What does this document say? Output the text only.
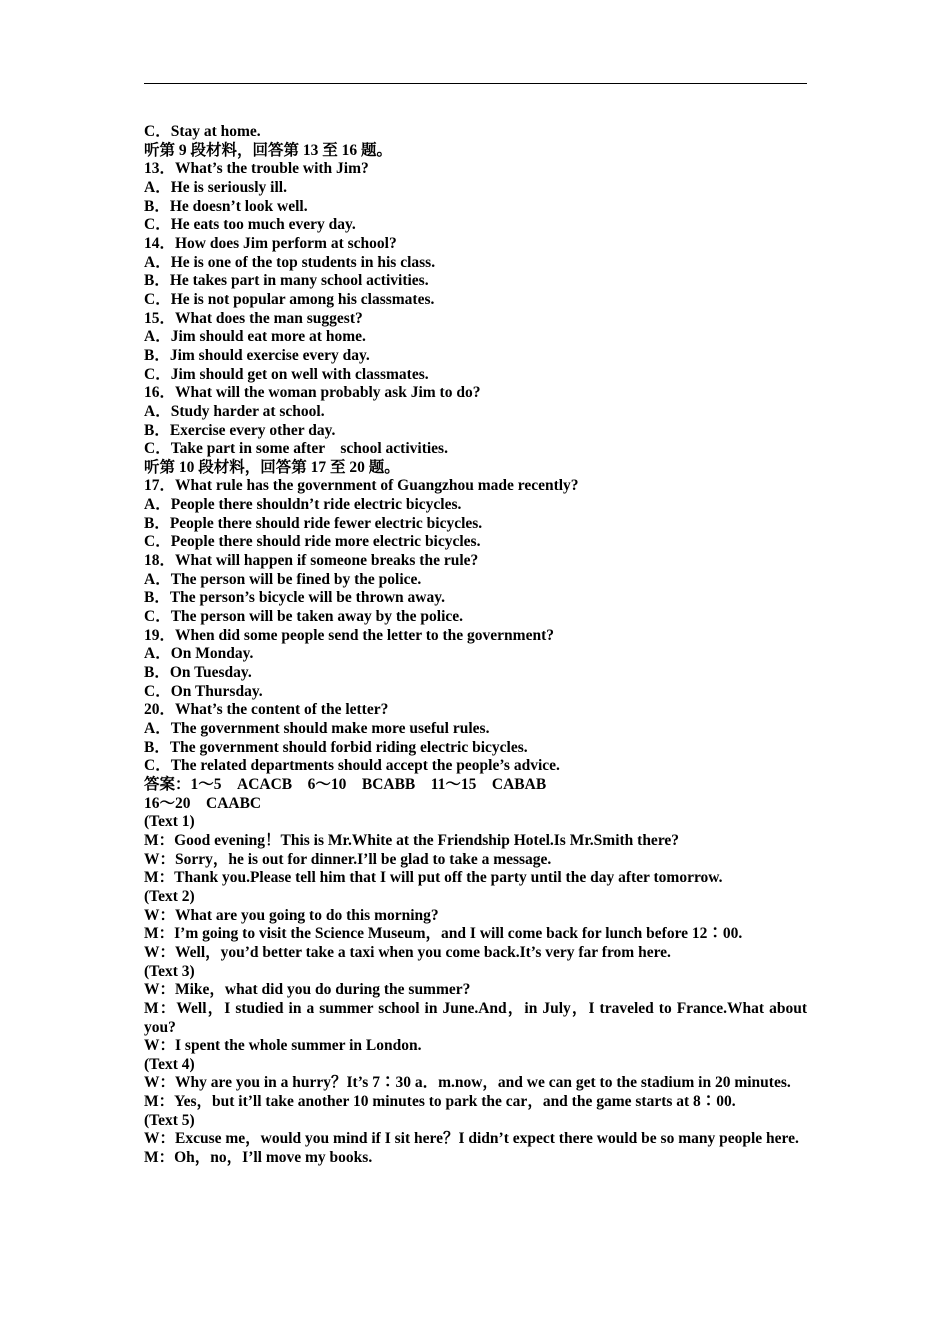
C．Stay at home.

听第 9 段材料，回答第 13 至 16 题。

13．What’s the trouble with Jim?

A．He is seriously ill.

B．He doesn’t look well.

C．He eats too much every day.

14．How does Jim perform at school?

A．He is one of the top students in his class.

B．He takes part in many school activities.

C．He is not popular among his classmates.

15．What does the man suggest?

A．Jim should eat more at home.

B．Jim should exercise every day.

C．Jim should get on well with classmates.

16．What will the woman probably ask Jim to do?

A．Study harder at school.

B．Exercise every other day.

C．Take part in some after    school activities.

听第 10 段材料，回答第 17 至 20 题。

17．What rule has the government of Guangzhou made recently?

A．People there shouldn’t ride electric bicycles.

B．People there should ride fewer electric bicycles.

C．People there should ride more electric bicycles.

18．What will happen if someone breaks the rule?

A．The person will be fined by the police.

B．The person’s bicycle will be thrown away.

C．The person will be taken away by the police.

19．When did some people send the letter to the government?

A．On Monday.

B．On Tuesday.

C．On Thursday.

20．What’s the content of the letter?

A．The government should make more useful rules.

B．The government should forbid riding electric bicycles.

C．The related departments should accept the people’s advice.

答案：1～5    ACACB    6～10    BCABB    11～15    CABAB

16～20    CAABC

(Text 1)

M：Good evening！This is Mr.White at the Friendship Hotel.Is Mr.Smith there?

W：Sorry，he is out for dinner.I’ll be glad to take a message.

M：Thank you.Please tell him that I will put off the party until the day after tomorrow.

(Text 2)

W：What are you going to do this morning?

M：I’m going to visit the Science Museum，and I will come back for lunch before 12∶00.

W：Well，you’d better take a taxi when you come back.It’s very far from here.

(Text 3)

W：Mike，what did you do during the summer?

M：Well，I studied in a summer school in June.And，in July，I traveled to France.What about you?

W：I spent the whole summer in London.

(Text 4)

W：Why are you in a hurry？It’s 7∶30 a．m.now，and we can get to the stadium in 20 minutes.

M：Yes，but it’ll take another 10 minutes to park the car，and the game starts at 8∶00.

(Text 5)

W：Excuse me，would you mind if I sit here？I didn’t expect there would be so many people here.

M：Oh，no，I’ll move my books.
